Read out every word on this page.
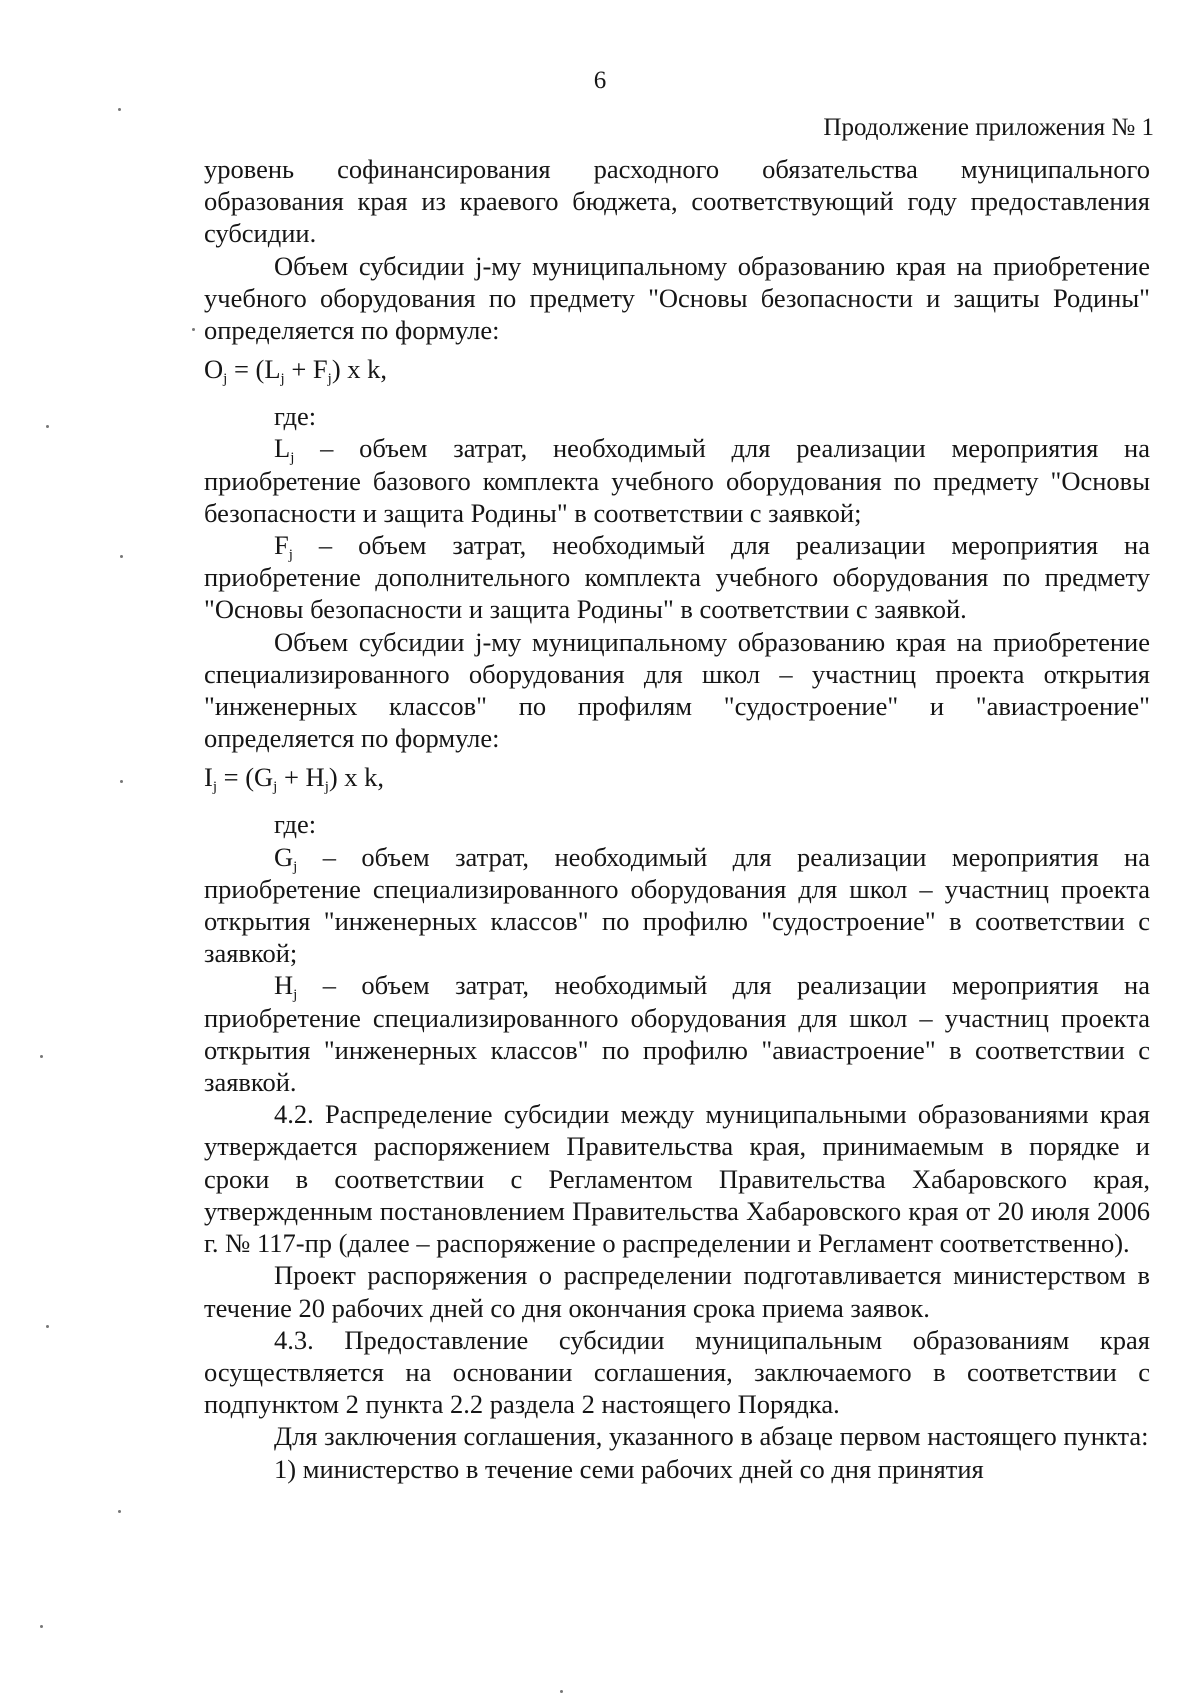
6
Продолжение приложения № 1

уровень софинансирования расходного обязательства муниципального образования края из краевого бюджета, соответствующий году предоставления субсидии.

Объем субсидии j-му муниципальному образованию края на приобретение учебного оборудования по предмету "Основы безопасности и защиты Родины" определяется по формуле:

$O_j = (L_j + F_j)$ x k,

где:

$L_j$ – объем затрат, необходимый для реализации мероприятия на приобретение базового комплекта учебного оборудования по предмету "Основы безопасности и защита Родины" в соответствии с заявкой;

$F_j$ – объем затрат, необходимый для реализации мероприятия на приобретение дополнительного комплекта учебного оборудования по предмету "Основы безопасности и защита Родины" в соответствии с заявкой.

Объем субсидии j-му муниципальному образованию края на приобретение специализированного оборудования для школ – участниц проекта открытия "инженерных классов" по профилям "судостроение" и "авиастроение" определяется по формуле:

$I_j = (G_j + H_j)$ x k,

где:

$G_j$ – объем затрат, необходимый для реализации мероприятия на приобретение специализированного оборудования для школ – участниц проекта открытия "инженерных классов" по профилю "судостроение" в соответствии с заявкой;

$H_j$ – объем затрат, необходимый для реализации мероприятия на приобретение специализированного оборудования для школ – участниц проекта открытия "инженерных классов" по профилю "авиастроение" в соответствии с заявкой.

4.2. Распределение субсидии между муниципальными образованиями края утверждается распоряжением Правительства края, принимаемым в порядке и сроки в соответствии с Регламентом Правительства Хабаровского края, утвержденным постановлением Правительства Хабаровского края от 20 июля 2006 г. № 117-пр (далее – распоряжение о распределении и Регламент соответственно).

Проект распоряжения о распределении подготавливается министерством в течение 20 рабочих дней со дня окончания срока приема заявок.

4.3. Предоставление субсидии муниципальным образованиям края осуществляется на основании соглашения, заключаемого в соответствии с подпунктом 2 пункта 2.2 раздела 2 настоящего Порядка.

Для заключения соглашения, указанного в абзаце первом настоящего пункта:

1) министерство в течение семи рабочих дней со дня принятия
